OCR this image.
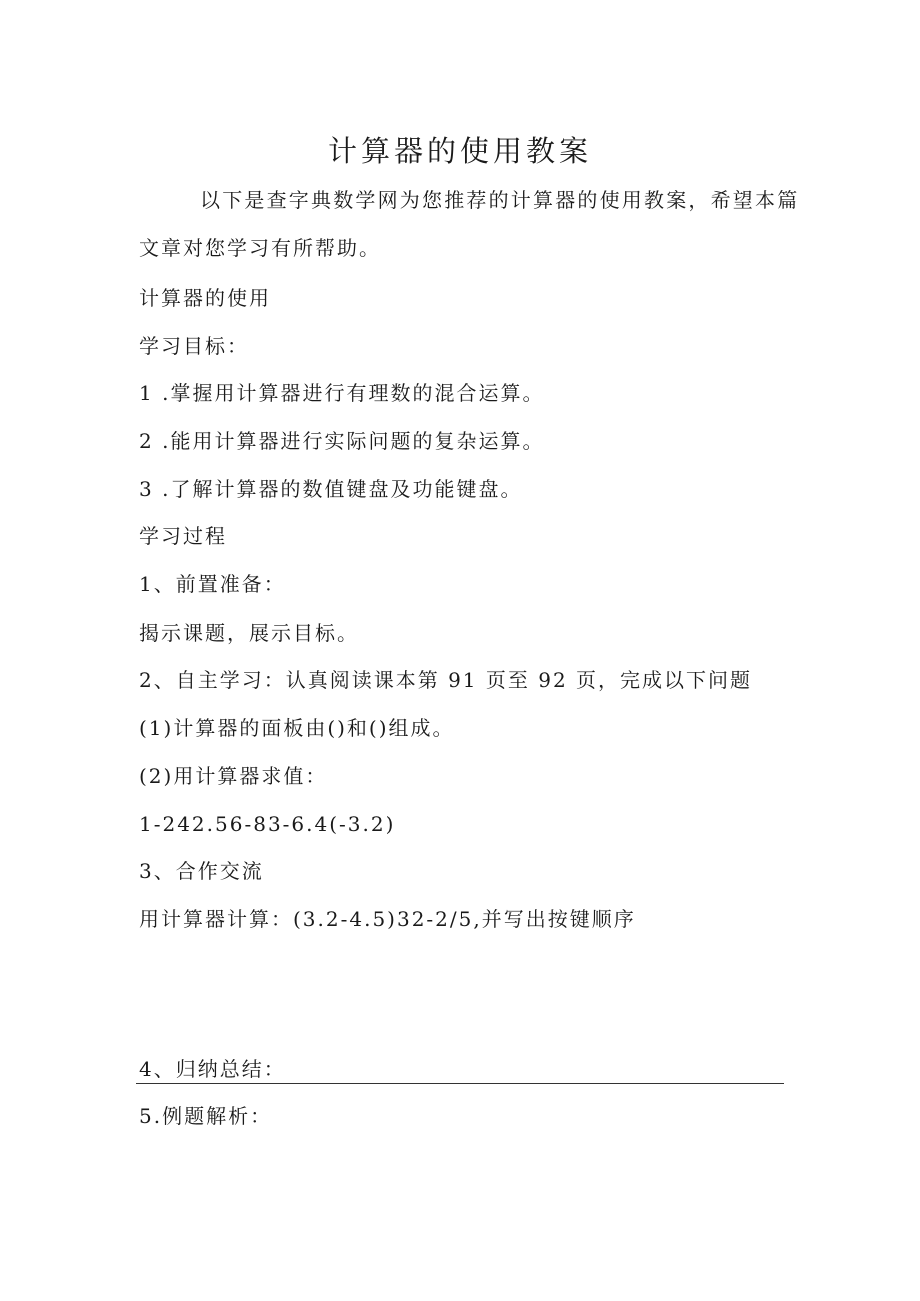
计算器的使用教案
以下是查字典数学网为您推荐的计算器的使用教案，希望本篇
文章对您学习有所帮助。
计算器的使用
学习目标：
1 .掌握用计算器进行有理数的混合运算。
2 .能用计算器进行实际问题的复杂运算。
3 .了解计算器的数值键盘及功能键盘。
学习过程
1、前置准备：
揭示课题，展示目标。
2、自主学习：认真阅读课本第 91 页至 92 页，完成以下问题
(1)计算器的面板由()和()组成。
(2)用计算器求值：
1-242.56-83-6.4(-3.2)
3、合作交流
用计算器计算：(3.2-4.5)32-2/5,并写出按键顺序
4、归纳总结：
5.例题解析：
